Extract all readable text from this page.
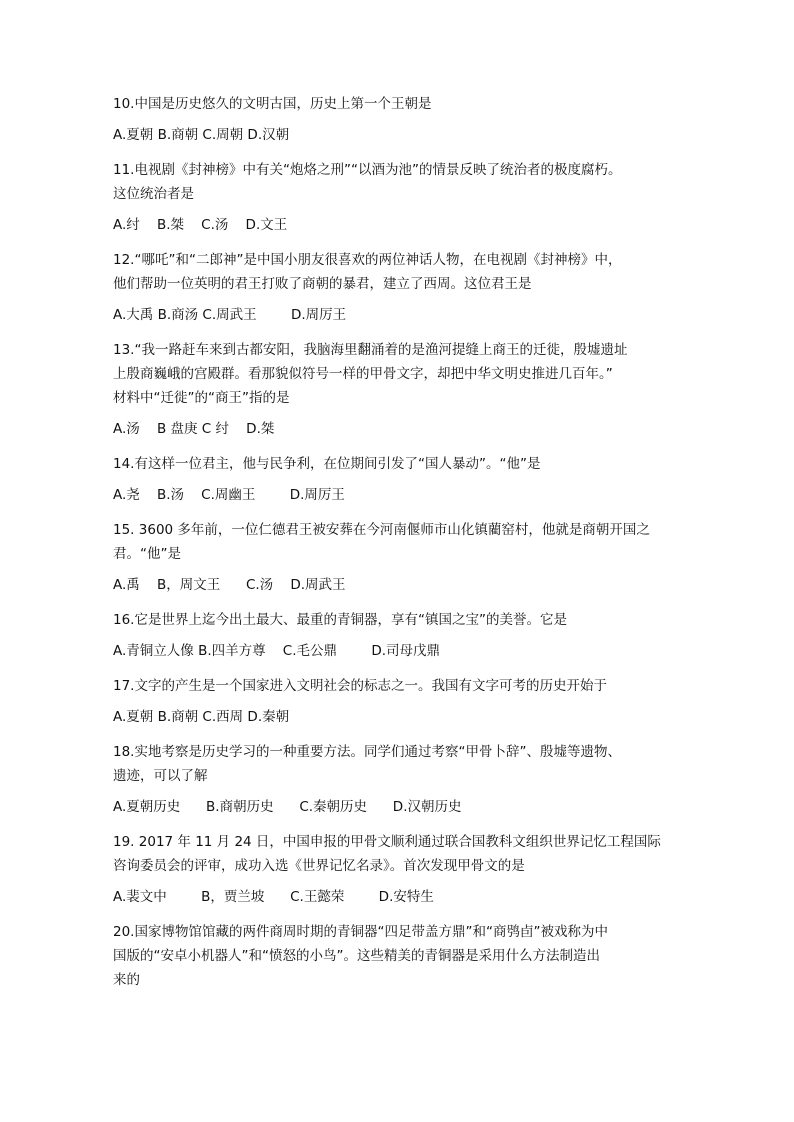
10.中国是历史悠久的文明古国，历史上第一个王朝是

A.夏朝 B.商朝 C.周朝 D.汉朝

11.电视剧《封神榜》中有关“炮烙之刑”“以酒为池”的情景反映了统治者的极度腐朽。
这位统治者是

A.纣    B.桀    C.汤    D.文王

12.“哪吒”和“二郎神”是中国小朋友很喜欢的两位神话人物，在电视剧《封神榜》中，
他们帮助一位英明的君王打败了商朝的暴君，建立了西周。这位君王是

A.大禹 B.商汤 C.周武王        D.周厉王

13.“我一路赶车来到古都安阳，我脑海里翻涌着的是渔河提缝上商王的迁徙，殷墟遗址
上殷商巍峨的宫殿群。看那貌似符号一样的甲骨文字，却把中华文明史推进几百年。”
材料中“迁徙”的“商王”指的是

A.汤    B 盘庚 C 纣    D.桀

14.有这样一位君主，他与民争利，在位期间引发了“国人暴动”。“他”是

A.尧    B.汤    C.周幽王        D.周厉王

15. 3600 多年前，一位仁德君王被安葬在今河南偃师市山化镇藺窑村，他就是商朝开国之
君。“他”是

A.禹    B，周文王      C.汤    D.周武王

16.它是世界上迄今出土最大、最重的青铜器，享有“镇国之宝”的美誉。它是

A.青铜立人像 B.四羊方尊    C.毛公鼎        D.司母戊鼎

17.文字的产生是一个国家进入文明社会的标志之一。我国有文字可考的历史开始于

A.夏朝 B.商朝 C.西周 D.秦朝

18.实地考察是历史学习的一种重要方法。同学们通过考察“甲骨卜辞”、殷墟等遗物、
遗迹，可以了解

A.夏朝历史      B.商朝历史      C.秦朝历史      D.汉朝历史

19. 2017 年 11 月 24 日，中国申报的甲骨文顺利通过联合国教科文组织世界记忆工程国际
咨询委员会的评审，成功入选《世界记忆名录》。首次发现甲骨文的是

A.裴文中        B，贾兰坡      C.王懿荣        D.安特生

20.国家博物馆馆藏的两件商周时期的青铜器“四足带盖方鼎”和“商鸮卣”被戏称为中
国版的“安卓小机器人”和“愤怒的小鸟”。这些精美的青铜器是采用什么方法制造出
来的
